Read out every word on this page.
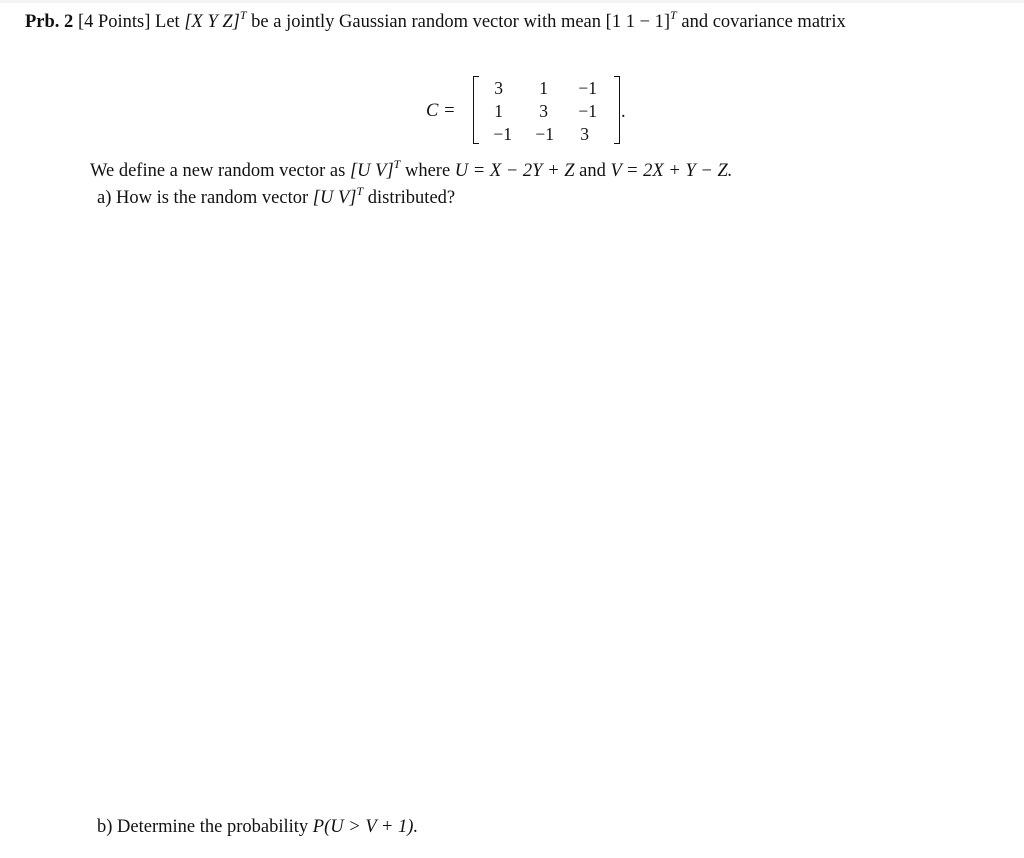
Prb. 2 [4 Points] Let [X Y Z]$^T$ be a jointly Gaussian random vector with mean [1 1 − 1]$^T$ and covariance matrix
C =
3	1	−1
1	3	−1
−1	−1	3
.
We define a new random vector as [U V]$^T$ where U = X − 2Y + Z and V = 2X + Y − Z.
a) How is the random vector [U V]$^T$ distributed?
b) Determine the probability P(U > V + 1).
